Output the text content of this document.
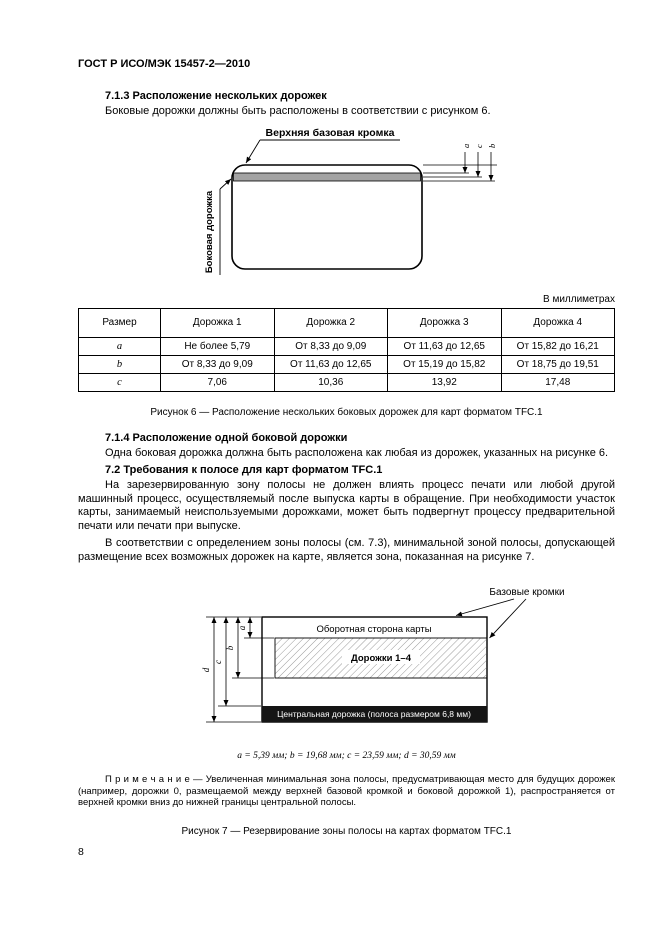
ГОСТ Р ИСО/МЭК 15457-2—2010
7.1.3 Расположение нескольких дорожек

Боковые дорожки должны быть расположены в соответствии с рисунком 6.

Верхняя базовая кромка
Боковая дорожка
a c b
В миллиметрах
Размер	Дорожка 1	Дорожка 2	Дорожка 3	Дорожка 4
a	Не более 5,79	От 8,33 до 9,09	От 11,63 до 12,65	От 15,82 до 16,21
b	От 8,33 до 9,09	От 11,63 до 12,65	От 15,19 до 15,82	От 18,75 до 19,51
c	7,06	10,36	13,92	17,48
Рисунок 6 — Расположение нескольких боковых дорожек для карт форматом TFC.1
7.1.4 Расположение одной боковой дорожки

Одна боковая дорожка должна быть расположена как любая из дорожек, указанных на рисунке 6.

7.2 Требования к полосе для карт форматом TFC.1

На зарезервированную зону полосы не должен влиять процесс печати или любой другой машинный процесс, осуществляемый после выпуска карты в обращение. При необходимости участок карты, занимаемый неиспользуемыми дорожками, может быть подвергнут процессу предварительной печати или печати при выпуске.

В соответствии с определением зоны полосы (см. 7.3), минимальной зоной полосы, допускающей размещение всех возможных дорожек на карте, является зона, показанная на рисунке 7.

Оборотная сторона карты
Дорожки 1–4
Центральная дорожка (полоса размером 6,8 мм)
Базовые кромки
a
b
c
d
a = 5,39 мм; b = 19,68 мм; c = 23,59 мм; d = 30,59 мм

П р и м е ч а н и е — Увеличенная минимальная зона полосы, предусматривающая место для будущих дорожек (например, дорожки 0, размещаемой между верхней базовой кромкой и боковой дорожкой 1), распространяется от верхней кромки вниз до нижней границы центральной полосы.

Рисунок 7 — Резервирование зоны полосы на картах форматом TFC.1
8
